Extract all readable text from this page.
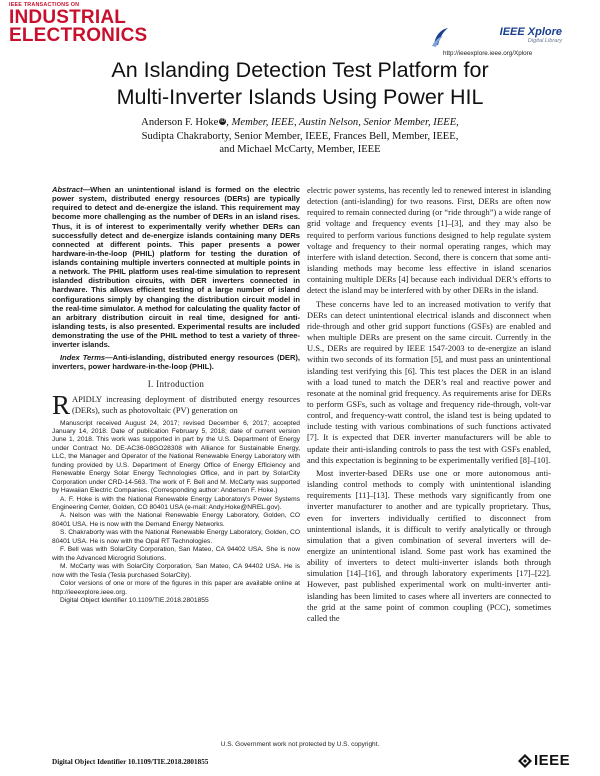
IEEE TRANSACTIONS ON
INDUSTRIAL
ELECTRONICS	IEEE Xplore
Digital Library
http://ieeexplore.ieee.org/Xplore
An Islanding Detection Test Platform for
Multi-Inverter Islands Using Power HIL
Anderson F. Hoke iD, Member, IEEE, Austin Nelson, Senior Member, IEEE,
Sudipta Chakraborty, Senior Member, IEEE, Frances Bell, Member, IEEE,
and Michael McCarty, Member, IEEE

Abstract—When an unintentional island is formed on the electric power system, distributed energy resources (DERs) are typically required to detect and de-energize the island. This requirement may become more challenging as the number of DERs in an island rises. Thus, it is of interest to experimentally verify whether DERs can successfully detect and de-energize islands containing many DERs connected at different points. This paper presents a power hardware-in-the-loop (PHIL) platform for testing the duration of islands containing multiple inverters connected at multiple points in a network. The PHIL platform uses real-time simulation to represent islanded distribution circuits, with DER inverters connected in hardware. This allows efficient testing of a large number of island configurations simply by changing the distribution circuit model in the real-time simulator. A method for calculating the quality factor of an arbitrary distribution circuit in real time, designed for anti-islanding tests, is also presented. Experimental results are included demonstrating the use of the PHIL method to test a variety of three-inverter islands.

Index Terms—Anti-islanding, distributed energy resources (DER), inverters, power hardware-in-the-loop (PHIL).

I. Introduction

RAPIDLY increasing deployment of distributed energy resources (DERs), such as photovoltaic (PV) generation on

Manuscript received August 24, 2017; revised December 6, 2017; accepted January 14, 2018. Date of publication February 5, 2018; date of current version June 1, 2018. This work was supported in part by the U.S. Department of Energy under Contract No. DE-AC36-08GO28308 with Alliance for Sustainable Energy, LLC, the Manager and Operator of the National Renewable Energy Laboratory with funding provided by U.S. Department of Energy Office of Energy Efficiency and Renewable Energy Solar Energy Technologies Office, and in part by SolarCity Corporation under CRD-14-563. The work of F. Bell and M. McCarty was supported by Hawaiian Electric Companies. (Corresponding author: Anderson F. Hoke.)

A. F. Hoke is with the National Renewable Energy Laboratory's Power Systems Engineering Center, Golden, CO 80401 USA (e-mail: Andy.Hoke@NREL.gov).

A. Nelson was with the National Renewable Energy Laboratory, Golden, CO 80401 USA. He is now with the Demand Energy Networks.

S. Chakraborty was with the National Renewable Energy Laboratory, Golden, CO 80401 USA. He is now with the Opal RT Technologies.

F. Bell was with SolarCity Corporation, San Mateo, CA 94402 USA. She is now with the Advanced Microgrid Solutions.

M. McCarty was with SolarCity Corporation, San Mateo, CA 94402 USA. He is now with the Tesla (Tesla purchased SolarCity).

Color versions of one or more of the figures in this paper are available online at http://ieeexplore.ieee.org.

Digital Object Identifier 10.1109/TIE.2018.2801855

electric power systems, has recently led to renewed interest in islanding detection (anti-islanding) for two reasons. First, DERs are often now required to remain connected during (or “ride through”) a wide range of grid voltage and frequency events [1]–[3], and they may also be required to perform various functions designed to help regulate system voltage and frequency to their normal operating ranges, which may interfere with island detection. Second, there is concern that some anti-islanding methods may become less effective in island scenarios containing multiple DERs [4] because each individual DER’s efforts to detect the island may be interfered with by other DERs in the island.

These concerns have led to an increased motivation to verify that DERs can detect unintentional electrical islands and disconnect when ride-through and other grid support functions (GSFs) are enabled and when multiple DERs are present on the same circuit. Currently in the U.S., DERs are required by IEEE 1547-2003 to de-energize an island within two seconds of its formation [5], and must pass an unintentional islanding test verifying this [6]. This test places the DER in an island with a load tuned to match the DER’s real and reactive power and resonate at the nominal grid frequency. As requirements arise for DERs to perform GSFs, such as voltage and frequency ride-through, volt-var control, and frequency-watt control, the island test is being updated to include testing with various combinations of such functions activated [7]. It is expected that DER inverter manufacturers will be able to update their anti-islanding controls to pass the test with GSFs enabled, and this expectation is beginning to be experimentally verified [8]–[10].

Most inverter-based DERs use one or more autonomous anti-islanding control methods to comply with unintentional islanding requirements [11]–[13]. These methods vary significantly from one inverter manufacturer to another and are typically proprietary. Thus, even for inverters individually certified to disconnect from unintentional islands, it is difficult to verify analytically or through simulation that a given combination of several inverters will de-energize an unintentional island. Some past work has examined the ability of inverters to detect multi-inverter islands both through simulation [14]–[16], and through laboratory experiments [17]–[22]. However, past published experimental work on multi-inverter anti-islanding has been limited to cases where all inverters are connected to the grid at the same point of common coupling (PCC), sometimes called the

U.S. Government work not protected by U.S. copyright.
Digital Object Identifier 10.1109/TIE.2018.2801855	IEEE
